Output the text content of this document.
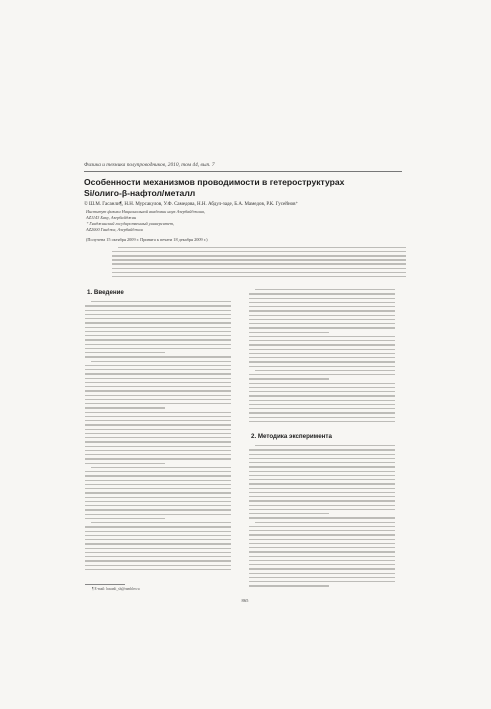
Физика и техника полупроводников, 2010, том 44, вып. 7
Особенности механизмов проводимости в гетероструктурах
Si/олиго-β-нафтол/металл
© Ш.М. Гасанли¶, Н.Н. Мурсакулов, У.Ф. Самедова, Н.Н. Абдул-заде, Б.А. Мамедов, Р.К. Гусейнов⁺
Институт физики Национальной академии наук Азербайджана,
AZ1143 Баку, Азербайджан
⁺ Гянджинский государственный университет,
AZ2000 Гянджа, Азербайджан
(Получена 15 октября 2009 г. Принята к печати 18 декабря 2009 г.)
1. Введение
2. Методика эксперимента
¶ E-mail: hasanli_sh@rambler.ru
865
